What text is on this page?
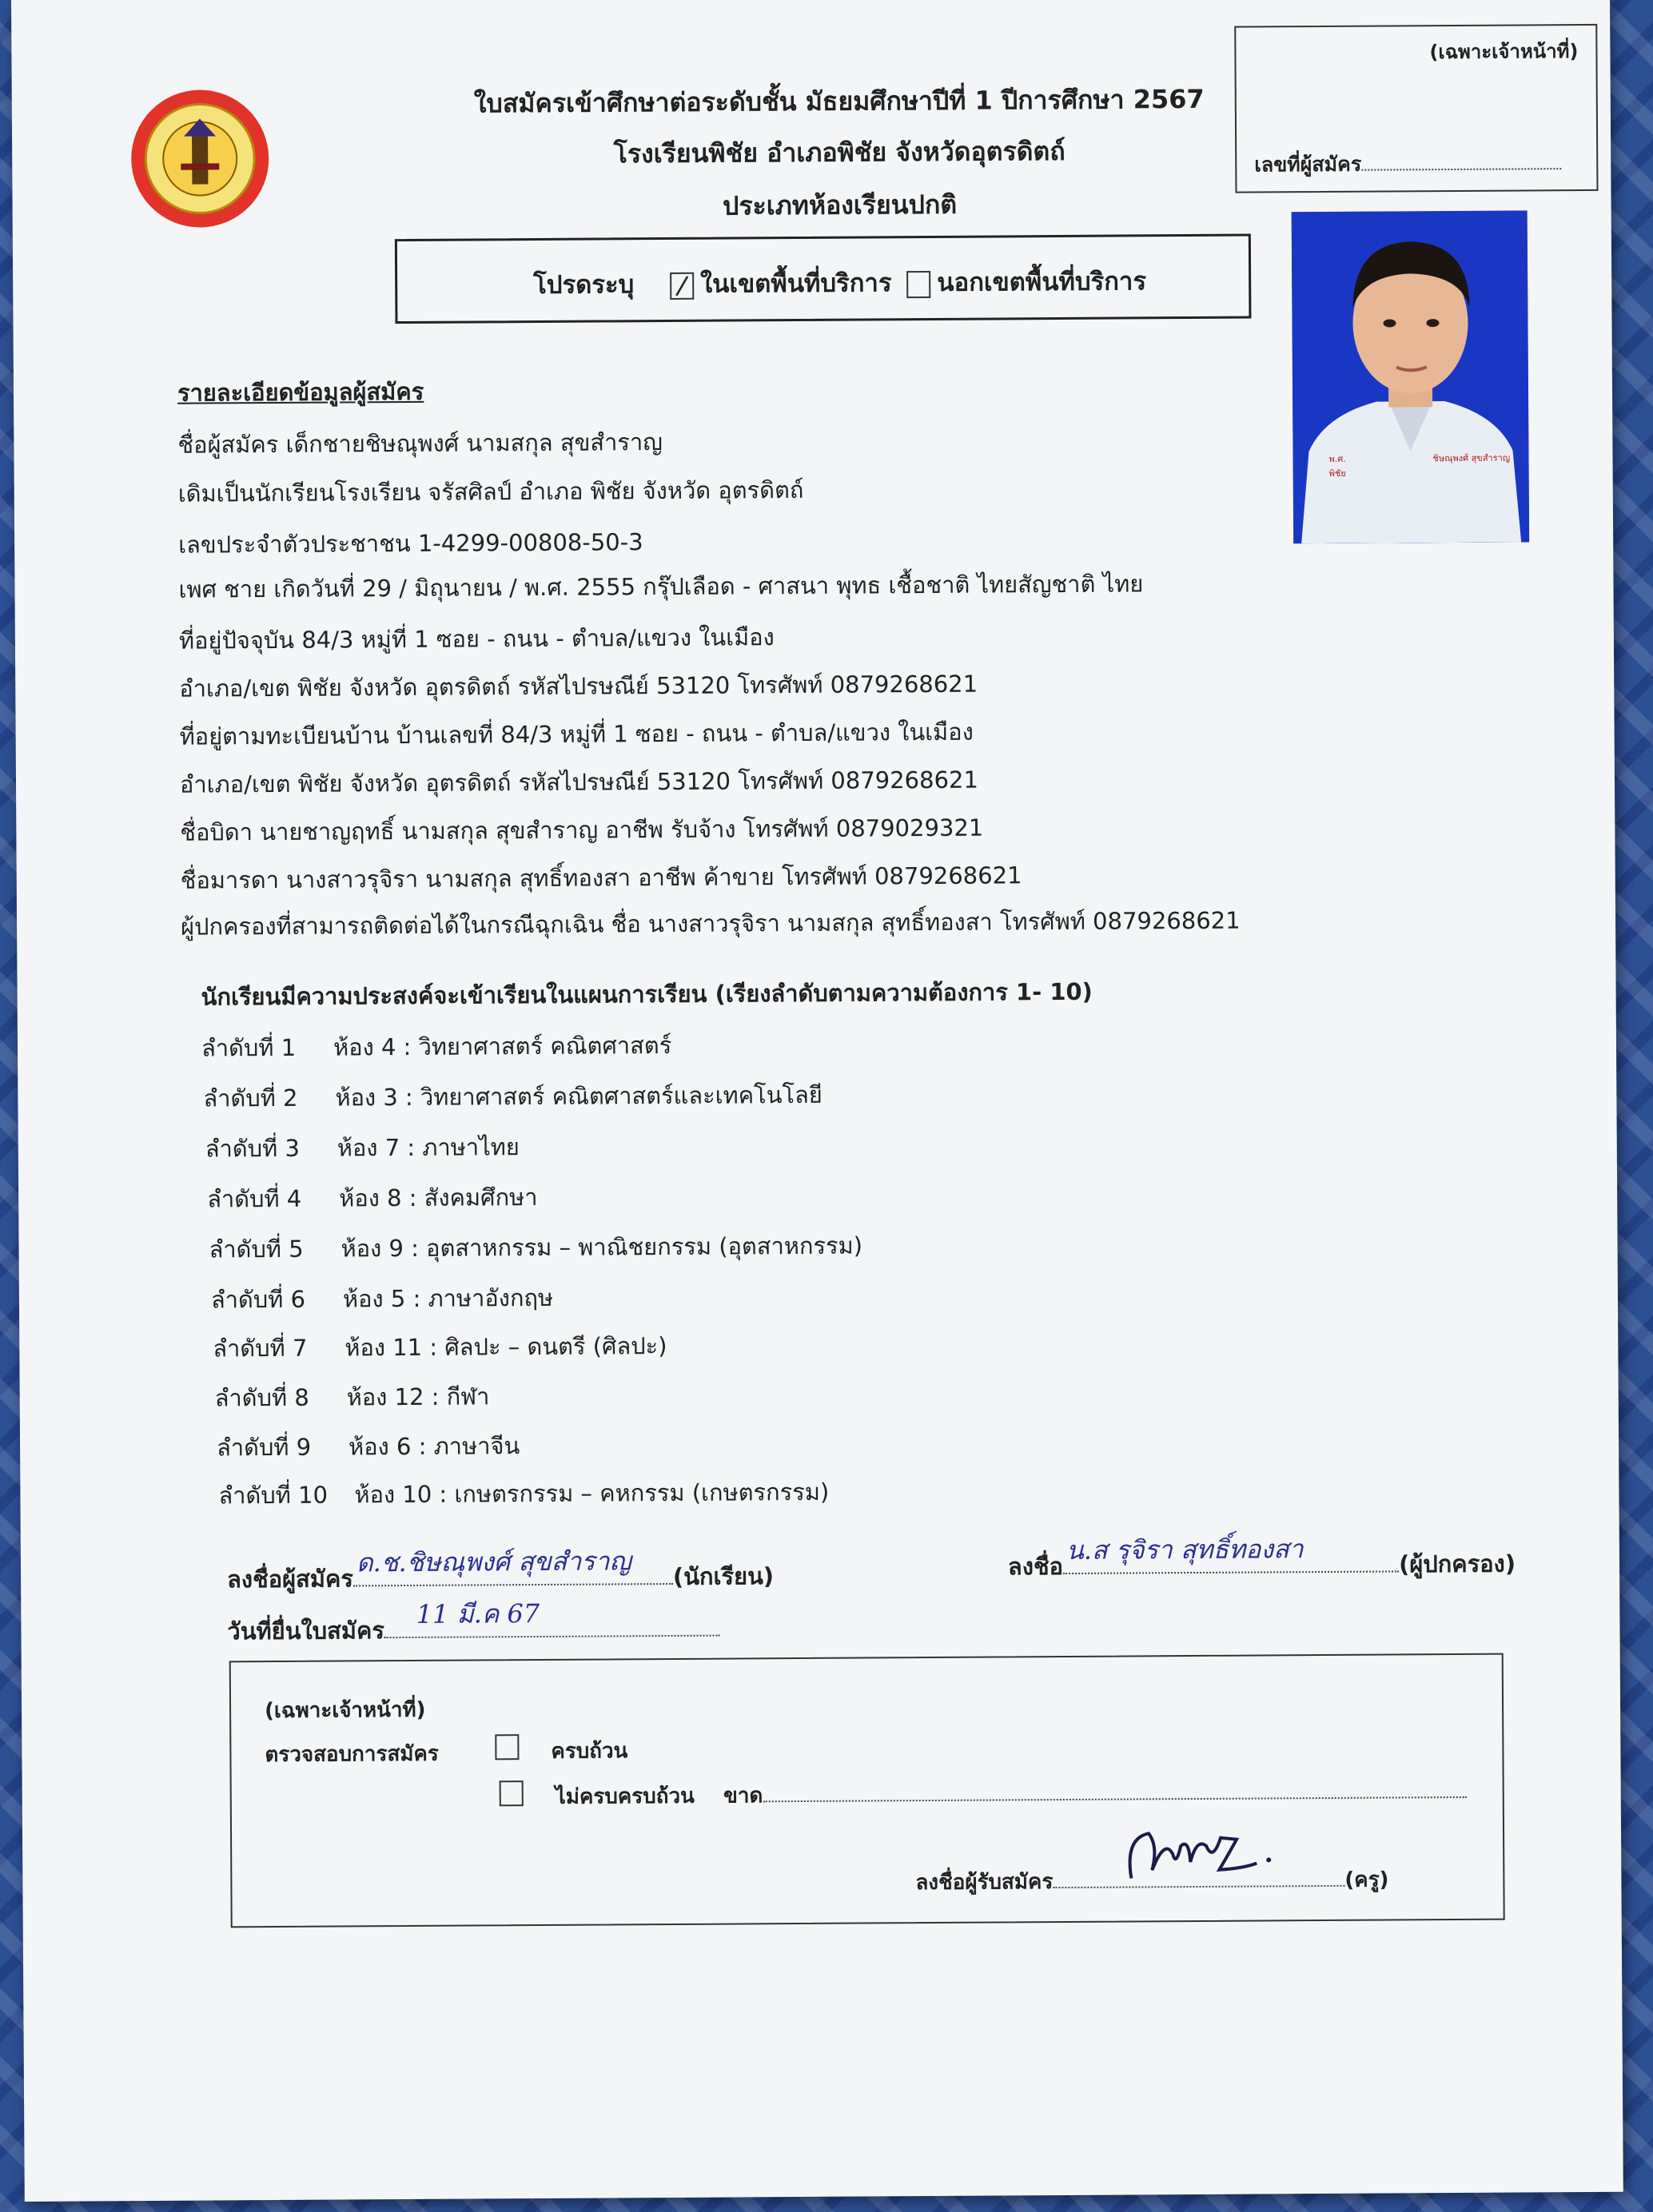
ใบสมัครเข้าศึกษาต่อระดับชั้น มัธยมศึกษาปีที่ 1 ปีการศึกษา 2567
โรงเรียนพิชัย อำเภอพิชัย จังหวัดอุตรดิตถ์
ประเภทห้องเรียนปกติ
(เฉพาะเจ้าหน้าที่)
เลขที่ผู้สมัคร
พ.ศ.
พิชัย
ชิษณุพงศ์ สุขสำราญ
โปรดระบุ	ในเขตพื้นที่บริการ นอกเขตพื้นที่บริการ
รายละเอียดข้อมูลผู้สมัคร
ชื่อผู้สมัคร เด็กชายชิษณุพงศ์ นามสกุล สุขสำราญ
เดิมเป็นนักเรียนโรงเรียน จรัสศิลป์ อำเภอ พิชัย จังหวัด อุตรดิตถ์
เลขประจำตัวประชาชน 1-4299-00808-50-3
เพศ ชาย เกิดวันที่ 29 / มิถุนายน / พ.ศ. 2555 กรุ๊ปเลือด - ศาสนา พุทธ เชื้อชาติ ไทยสัญชาติ ไทย
ที่อยู่ปัจจุบัน 84/3 หมู่ที่ 1 ซอย - ถนน - ตำบล/แขวง ในเมือง
อำเภอ/เขต พิชัย จังหวัด อุตรดิตถ์ รหัสไปรษณีย์ 53120 โทรศัพท์ 0879268621
ที่อยู่ตามทะเบียนบ้าน บ้านเลขที่ 84/3 หมู่ที่ 1 ซอย - ถนน - ตำบล/แขวง ในเมือง
อำเภอ/เขต พิชัย จังหวัด อุตรดิตถ์ รหัสไปรษณีย์ 53120 โทรศัพท์ 0879268621
ชื่อบิดา นายชาญฤทธิ์ นามสกุล สุขสำราญ อาชีพ รับจ้าง โทรศัพท์ 0879029321
ชื่อมารดา นางสาวรุจิรา นามสกุล สุทธิ์ทองสา อาชีพ ค้าขาย โทรศัพท์ 0879268621
ผู้ปกครองที่สามารถติดต่อได้ในกรณีฉุกเฉิน ชื่อ นางสาวรุจิรา นามสกุล สุทธิ์ทองสา โทรศัพท์ 0879268621
นักเรียนมีความประสงค์จะเข้าเรียนในแผนการเรียน (เรียงลำดับตามความต้องการ 1- 10)
ลำดับที่ 1 ห้อง 4 : วิทยาศาสตร์ คณิตศาสตร์
ลำดับที่ 2 ห้อง 3 : วิทยาศาสตร์ คณิตศาสตร์และเทคโนโลยี
ลำดับที่ 3 ห้อง 7 : ภาษาไทย
ลำดับที่ 4 ห้อง 8 : สังคมศึกษา
ลำดับที่ 5 ห้อง 9 : อุตสาหกรรม – พาณิชยกรรม (อุตสาหกรรม)
ลำดับที่ 6 ห้อง 5 : ภาษาอังกฤษ
ลำดับที่ 7 ห้อง 11 : ศิลปะ – ดนตรี (ศิลปะ)
ลำดับที่ 8 ห้อง 12 : กีฬา
ลำดับที่ 9 ห้อง 6 : ภาษาจีน
ลำดับที่ 10 ห้อง 10 : เกษตรกรรม – คหกรรม (เกษตรกรรม)
ลงชื่อผู้สมัคร
ด.ช.ชิษณุพงศ์ สุขสำราญ (นักเรียน)
วันที่ยื่นใบสมัคร
11 มี.ค 67
ลงชื่อ
น.ส รุจิรา สุทธิ์ทองสา	(ผู้ปกครอง)
(เฉพาะเจ้าหน้าที่)
ตรวจสอบการสมัคร	ครบถ้วน
ไม่ครบครบถ้วน ขาด
ลงชื่อผู้รับสมัคร	(ครู)
